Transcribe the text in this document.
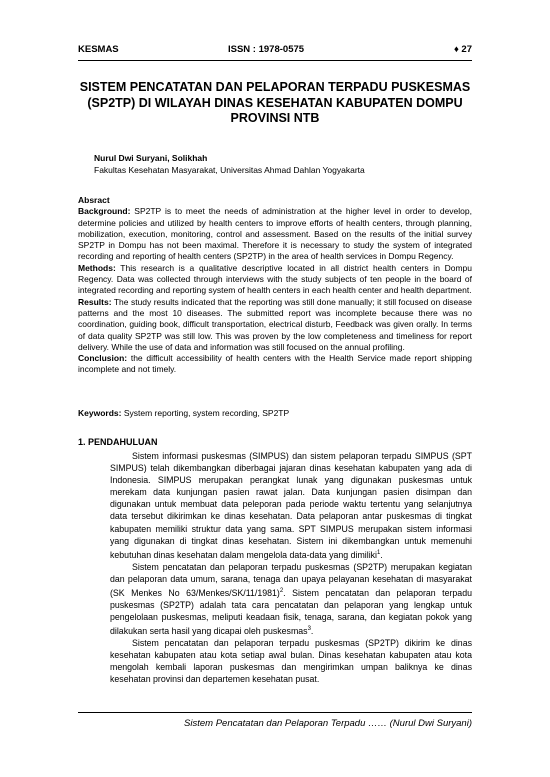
KESMAS	ISSN : 1978-0575	♦ 27
SISTEM PENCATATAN DAN PELAPORAN TERPADU PUSKESMAS (SP2TP) DI WILAYAH DINAS KESEHATAN KABUPATEN DOMPU PROVINSI NTB
Nurul Dwi Suryani, Solikhah
Fakultas Kesehatan Masyarakat, Universitas Ahmad Dahlan Yogyakarta

Absract

Background: SP2TP is to meet the needs of administration at the higher level in order to develop, determine policies and utilized by health centers to improve efforts of health centers, through planning, mobilization, execution, monitoring, control and assessment. Based on the results of the initial survey SP2TP in Dompu has not been maximal. Therefore it is necessary to study the system of integrated recording and reporting of health centers (SP2TP) in the area of health services in Dompu Regency.

Methods: This research is a qualitative descriptive located in all district health centers in Dompu Regency. Data was collected through interviews with the study subjects of ten people in the board of integrated recording and reporting system of health centers in each health center and health department.

Results: The study results indicated that the reporting was still done manually; it still focused on disease patterns and the most 10 diseases. The submitted report was incomplete because there was no coordination, guiding book, difficult transportation, electrical disturb, Feedback was given orally. In terms of data quality SP2TP was still low. This was proven by the low completeness and timeliness for report delivery. While the use of data and information was still focused on the annual profiling.

Conclusion: the difficult accessibility of health centers with the Health Service made report shipping incomplete and not timely.

Keywords: System reporting, system recording, SP2TP
1. PENDAHULUAN

Sistem informasi puskesmas (SIMPUS) dan sistem pelaporan terpadu SIMPUS (SPT SIMPUS) telah dikembangkan diberbagai jajaran dinas kesehatan kabupaten yang ada di Indonesia. SIMPUS merupakan perangkat lunak yang digunakan puskesmas untuk merekam data kunjungan pasien rawat jalan. Data kunjungan pasien disimpan dan digunakan untuk membuat data peleporan pada periode waktu tertentu yang selanjutnya data tersebut dikirimkan ke dinas kesehatan. Data pelaporan antar puskesmas di tingkat kabupaten memiliki struktur data yang sama. SPT SIMPUS merupakan sistem informasi yang digunakan di tingkat dinas kesehatan. Sistem ini dikembangkan untuk memenuhi kebutuhan dinas kesehatan dalam mengelola data-data yang dimiliki$^1$.

Sistem pencatatan dan pelaporan terpadu puskesmas (SP2TP) merupakan kegiatan dan pelaporan data umum, sarana, tenaga dan upaya pelayanan kesehatan di masyarakat (SK Menkes No 63/Menkes/SK/11/1981)$^2$. Sistem pencatatan dan pelaporan terpadu puskesmas (SP2TP) adalah tata cara pencatatan dan pelaporan yang lengkap untuk pengelolaan puskesmas, meliputi keadaan fisik, tenaga, sarana, dan kegiatan pokok yang dilakukan serta hasil yang dicapai oleh puskesmas$^3$.

Sistem pencatatan dan pelaporan terpadu puskesmas (SP2TP) dikirim ke dinas kesehatan kabupaten atau kota setiap awal bulan. Dinas kesehatan kabupaten atau kota mengolah kembali laporan puskesmas dan mengirimkan umpan baliknya ke dinas kesehatan provinsi dan departemen kesehatan pusat.

Sistem Pencatatan dan Pelaporan Terpadu …… (Nurul Dwi Suryani)
